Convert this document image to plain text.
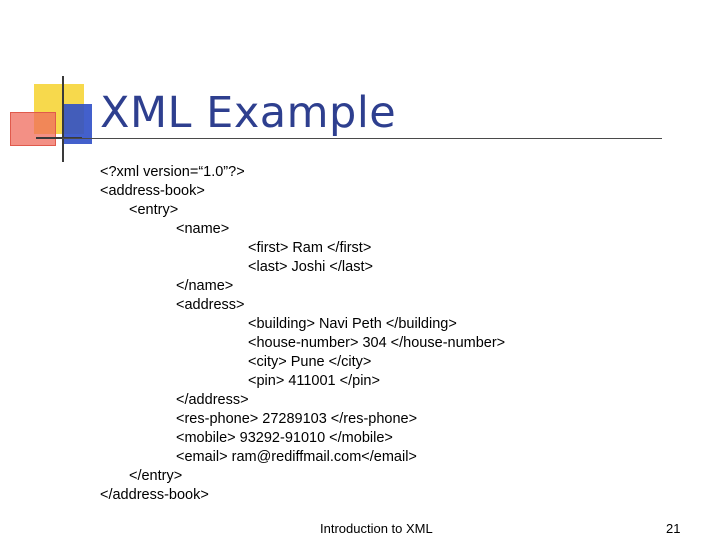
XML Example
<?xml version=“1.0”?>
<address-book>
<entry>
<name>
<first> Ram </first>
<last> Joshi </last>
</name>
<address>
<building> Navi Peth </building>
<house-number> 304 </house-number>
<city> Pune </city>
<pin> 411001 </pin>
</address>
<res-phone> 27289103 </res-phone>
<mobile> 93292-91010 </mobile>
<email> ram@rediffmail.com</email>
</entry>
</address-book>
Introduction to XML	21
